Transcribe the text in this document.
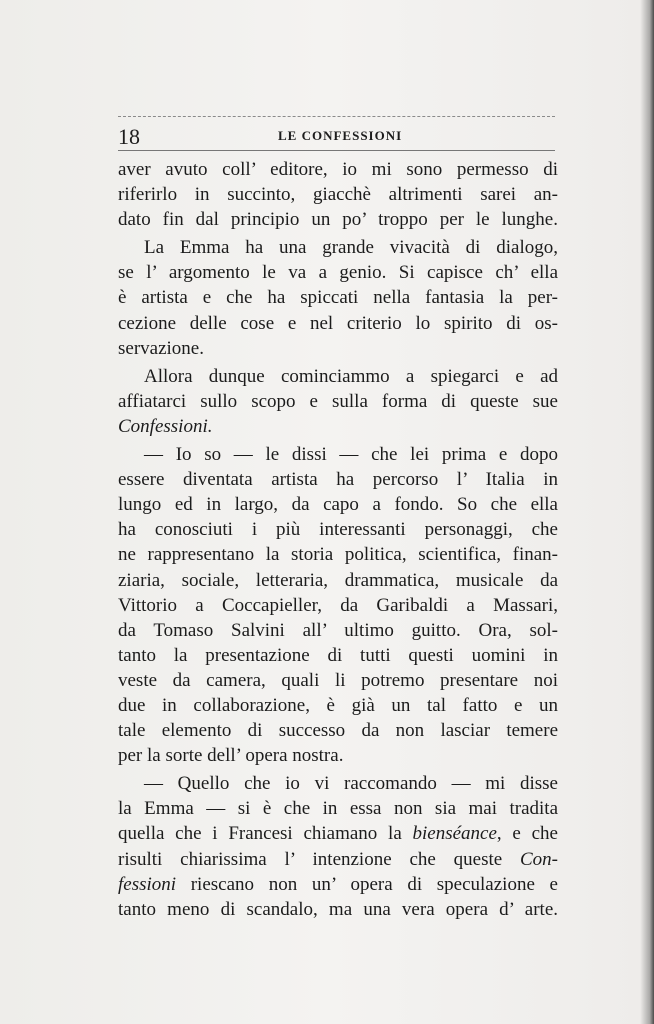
18	LE CONFESSIONI
aver avuto coll’ editore, io mi sono permesso di
riferirlo in succinto, giacchè altrimenti sarei an-
dato fin dal principio un po’ troppo per le lunghe.
La Emma ha una grande vivacità di dialogo,
se l’ argomento le va a genio. Si capisce ch’ ella
è artista e che ha spiccati nella fantasia la per-
cezione delle cose e nel criterio lo spirito di os-
servazione.
Allora dunque cominciammo a spiegarci e ad
affiatarci sullo scopo e sulla forma di queste sue
Confessioni.
— Io so — le dissi — che lei prima e dopo
essere diventata artista ha percorso l’ Italia in
lungo ed in largo, da capo a fondo. So che ella
ha conosciuti i più interessanti personaggi, che
ne rappresentano la storia politica, scientifica, finan-
ziaria, sociale, letteraria, drammatica, musicale da
Vittorio a Coccapieller, da Garibaldi a Massari,
da Tomaso Salvini all’ ultimo guitto. Ora, sol-
tanto la presentazione di tutti questi uomini in
veste da camera, quali li potremo presentare noi
due in collaborazione, è già un tal fatto e un
tale elemento di successo da non lasciar temere
per la sorte dell’ opera nostra.
— Quello che io vi raccomando — mi disse
la Emma — si è che in essa non sia mai tradita
quella che i Francesi chiamano la bienséance, e che
risulti chiarissima l’ intenzione che queste Con-
fessioni riescano non un’ opera di speculazione e
tanto meno di scandalo, ma una vera opera d’ arte.
